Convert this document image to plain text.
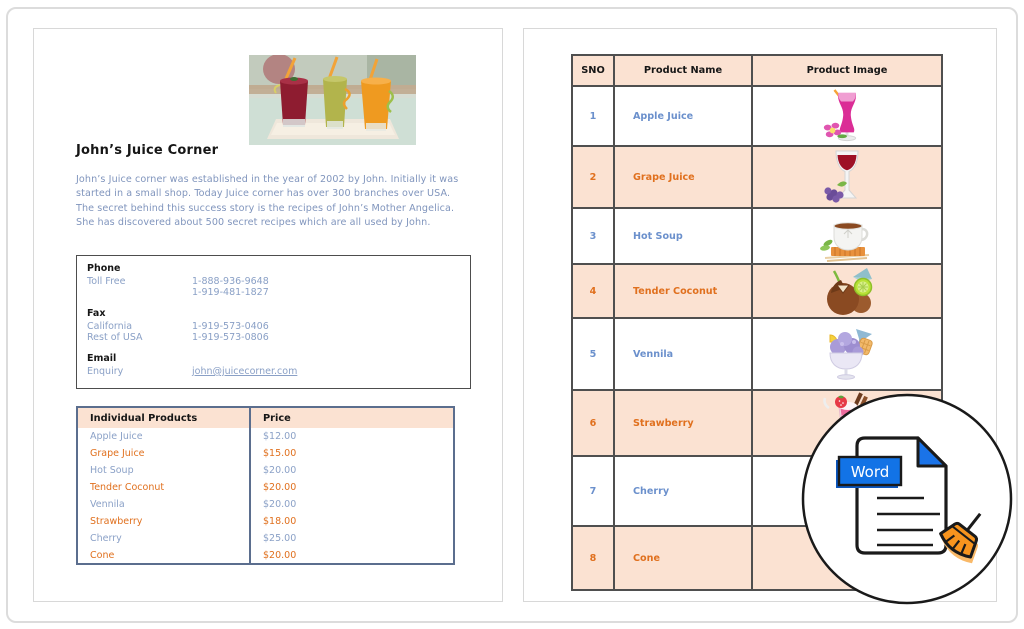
John’s Juice Corner
John’s Juice corner was established in the year of 2002 by John. Initially it was started in a small shop. Today Juice corner has over 300 branches over USA. The secret behind this success story is the recipes of John’s Mother Angelica. She has discovered about 500 secret recipes which are all used by John.
Phone
Toll Free	1-888-936-9648
1-919-481-1827
Fax
California	1-919-573-0406
Rest of USA	1-919-573-0806
Email
Enquiry	john@juicecorner.com
Individual Products	Price
Apple Juice	$12.00
Grape Juice	$15.00
Hot Soup	$20.00
Tender Coconut	$20.00
Vennila	$20.00
Strawberry	$18.00
Cherry	$25.00
Cone	$20.00
SNO	Product Name	Product Image
1	Apple Juice	
2	Grape Juice	
3	Hot Soup	
4	Tender Coconut	
5	Vennila	
6	Strawberry	
7	Cherry	
8	Cone	
Word
